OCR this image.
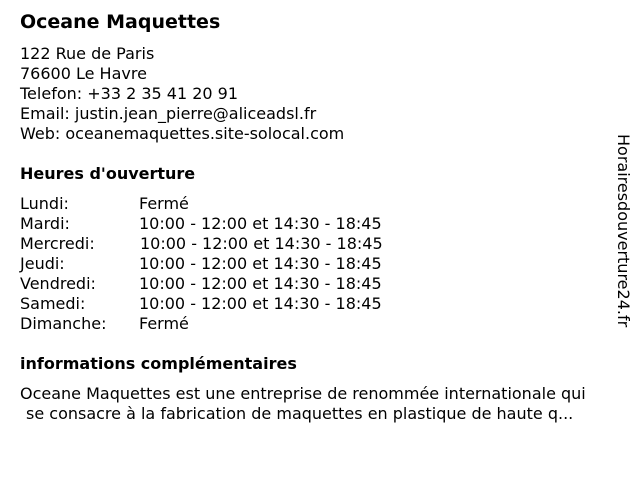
Oceane Maquettes
122 Rue de Paris
76600 Le Havre
Telefon: +33 2 35 41 20 91
Email: justin.jean_pierre@aliceadsl.fr
Web: oceanemaquettes.site-solocal.com
Heures d'ouverture
Lundi:	Fermé
Mardi:	10:00 - 12:00 et 14:30 - 18:45
Mercredi:	10:00 - 12:00 et 14:30 - 18:45
Jeudi:	10:00 - 12:00 et 14:30 - 18:45
Vendredi:	10:00 - 12:00 et 14:30 - 18:45
Samedi:	10:00 - 12:00 et 14:30 - 18:45
Dimanche: Fermé
informations complémentaires
Oceane Maquettes est une entreprise de renommée internationale qui
se consacre à la fabrication de maquettes en plastique de haute q...
Horairesdouverture24.fr
